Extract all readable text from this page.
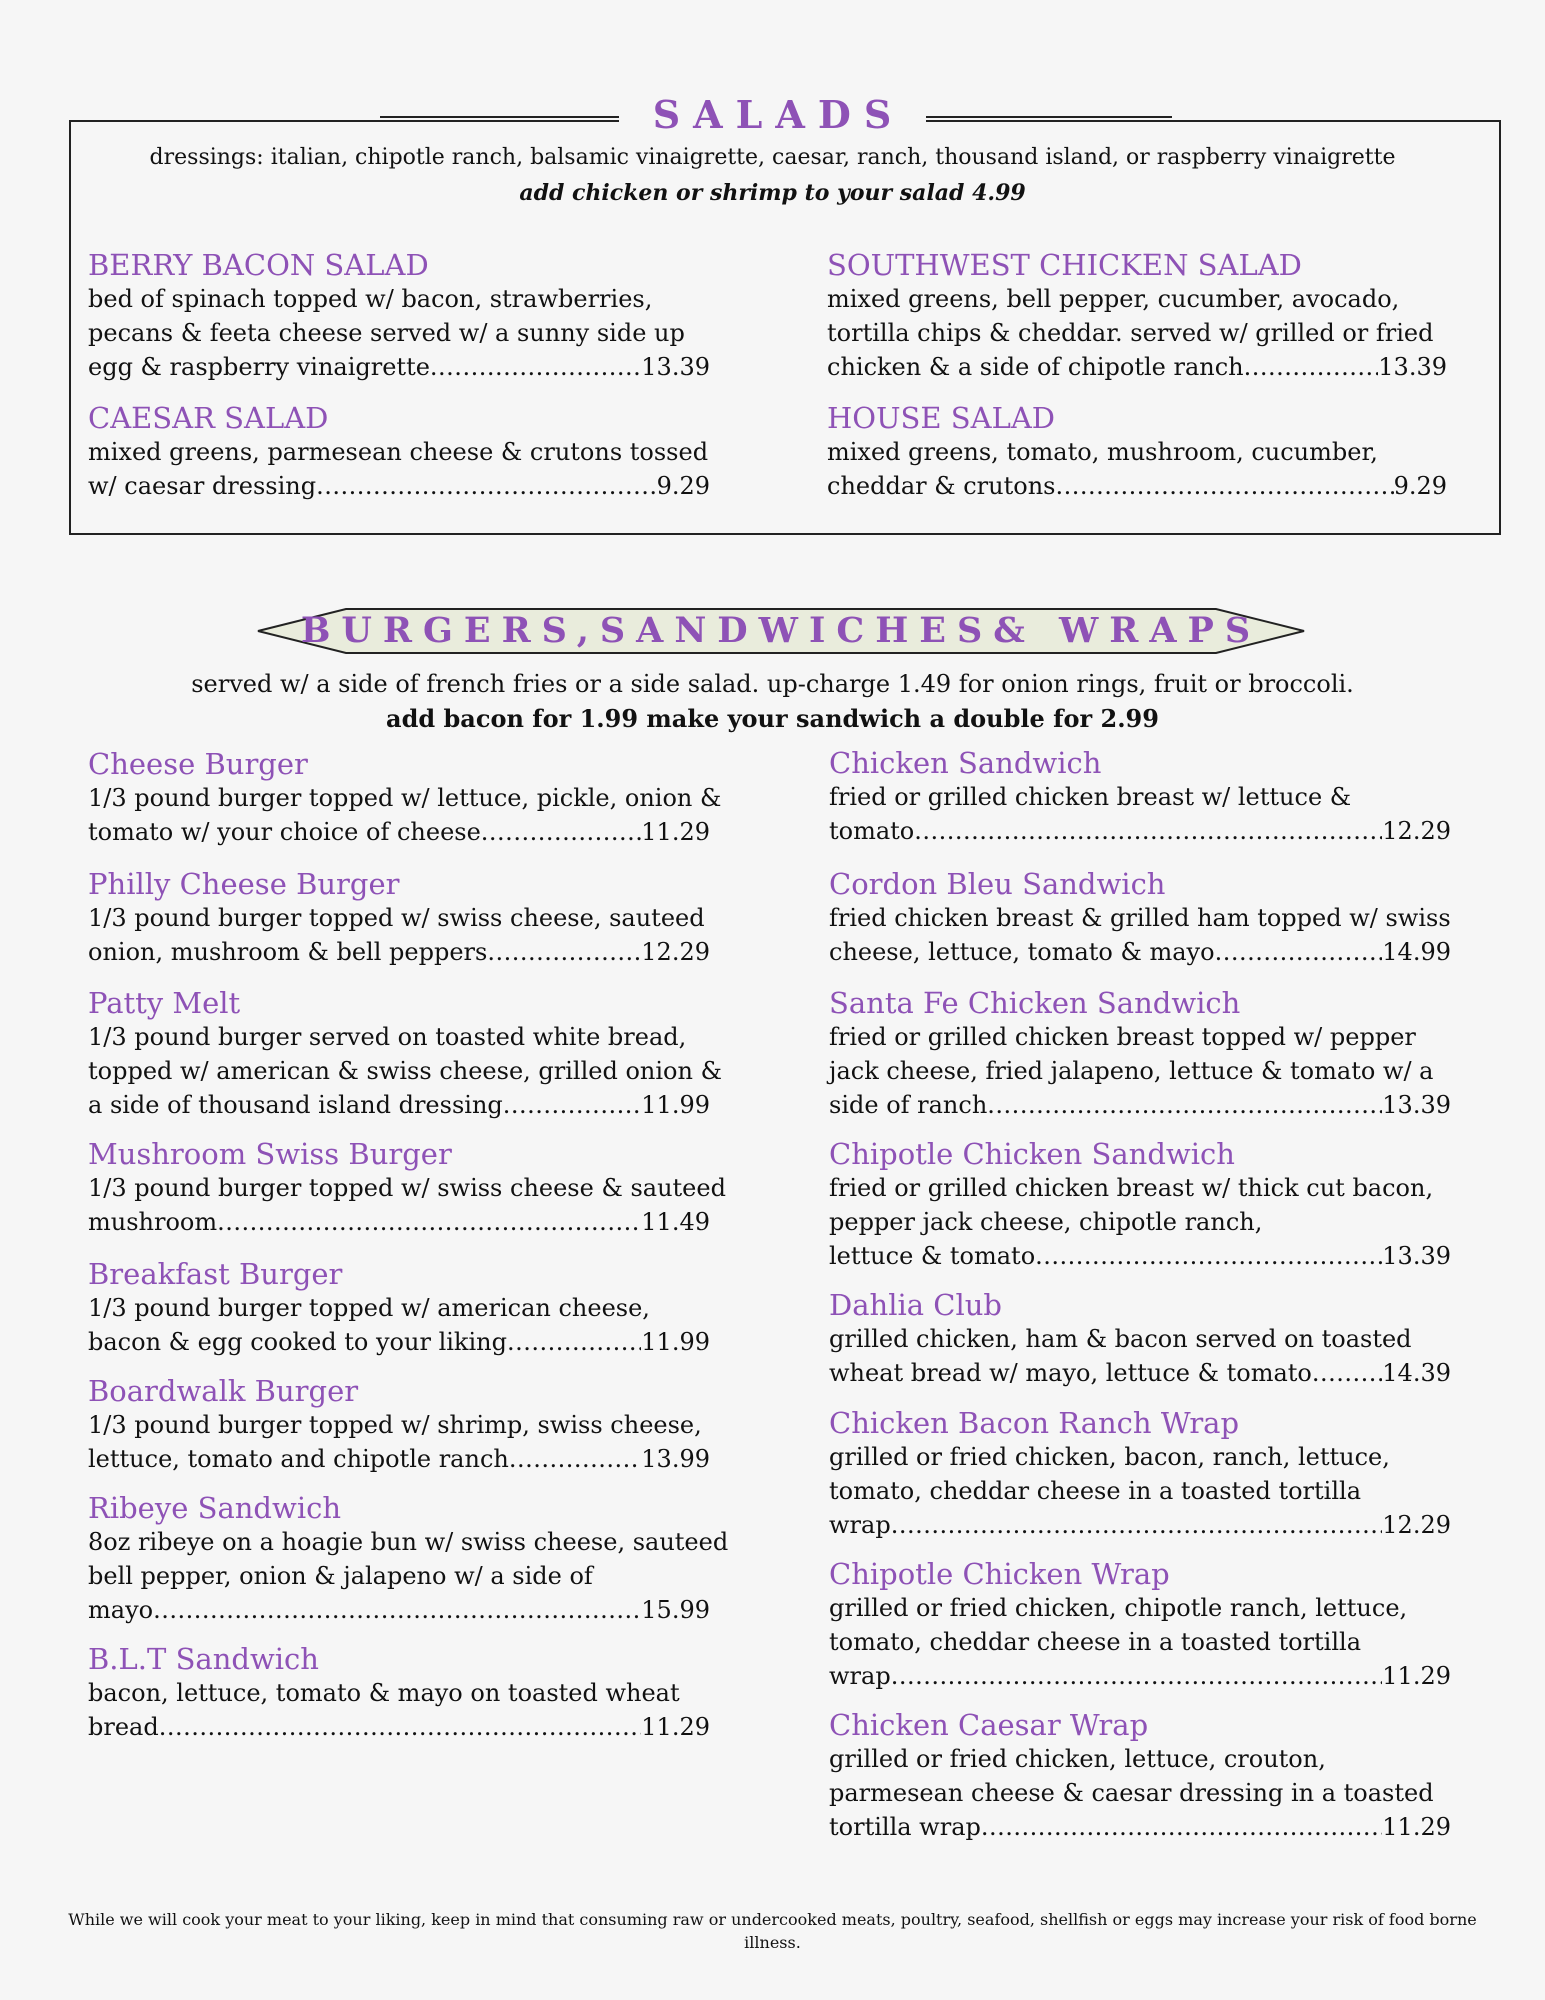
SALADS
dressings: italian, chipotle ranch, balsamic vinaigrette, caesar, ranch, thousand island, or raspberry vinaigrette
add chicken or shrimp to your salad 4.99
BERRY BACON SALAD
bed of spinach topped w/ bacon, strawberries,
pecans & feeta cheese served w/ a sunny side up
egg & raspberry vinaigrette .....	13.39
SOUTHWEST CHICKEN SALAD
mixed greens, bell pepper, cucumber, avocado,
tortilla chips & cheddar. served w/ grilled or fried
chicken & a side of chipotle ranch .....	13.39
CAESAR SALAD
mixed greens, parmesean cheese & crutons tossed
w/ caesar dressing .....	9.29
HOUSE SALAD
mixed greens, tomato, mushroom, cucumber,
cheddar & crutons .....	9.29
BURGERS,SANDWICHES& WRAPS
served w/ a side of french fries or a side salad. up-charge 1.49 for onion rings, fruit or broccoli.
add bacon for 1.99 make your sandwich a double for 2.99
Cheese Burger
1/3 pound burger topped w/ lettuce, pickle, onion &
tomato w/ your choice of cheese .....	11.29
Philly Cheese Burger
1/3 pound burger topped w/ swiss cheese, sauteed
onion, mushroom & bell peppers .....	12.29
Patty Melt
1/3 pound burger served on toasted white bread,
topped w/ american & swiss cheese, grilled onion &
a side of thousand island dressing .....	11.99
Mushroom Swiss Burger
1/3 pound burger topped w/ swiss cheese & sauteed
mushroom .....	11.49
Breakfast Burger
1/3 pound burger topped w/ american cheese,
bacon & egg cooked to your liking .....	11.99
Boardwalk Burger
1/3 pound burger topped w/ shrimp, swiss cheese,
lettuce, tomato and chipotle ranch .....	13.99
Ribeye Sandwich
8oz ribeye on a hoagie bun w/ swiss cheese, sauteed
bell pepper, onion & jalapeno w/ a side of
mayo .....	15.99
B.L.T Sandwich
bacon, lettuce, tomato & mayo on toasted wheat
bread .....	11.29
Chicken Sandwich
fried or grilled chicken breast w/ lettuce &
tomato .....	12.29
Cordon Bleu Sandwich
fried chicken breast & grilled ham topped w/ swiss
cheese, lettuce, tomato & mayo .....	14.99
Santa Fe Chicken Sandwich
fried or grilled chicken breast topped w/ pepper
jack cheese, fried jalapeno, lettuce & tomato w/ a
side of ranch .....	13.39
Chipotle Chicken Sandwich
fried or grilled chicken breast w/ thick cut bacon,
pepper jack cheese, chipotle ranch,
lettuce & tomato .....	13.39
Dahlia Club
grilled chicken, ham & bacon served on toasted
wheat bread w/ mayo, lettuce & tomato .....	14.39
Chicken Bacon Ranch Wrap
grilled or fried chicken, bacon, ranch, lettuce,
tomato, cheddar cheese in a toasted tortilla
wrap .....	12.29
Chipotle Chicken Wrap
grilled or fried chicken, chipotle ranch, lettuce,
tomato, cheddar cheese in a toasted tortilla
wrap .....	11.29
Chicken Caesar Wrap
grilled or fried chicken, lettuce, crouton,
parmesean cheese & caesar dressing in a toasted
tortilla wrap .....	11.29
While we will cook your meat to your liking, keep in mind that consuming raw or undercooked meats, poultry, seafood, shellfish or eggs may increase your risk of food borne illness.
